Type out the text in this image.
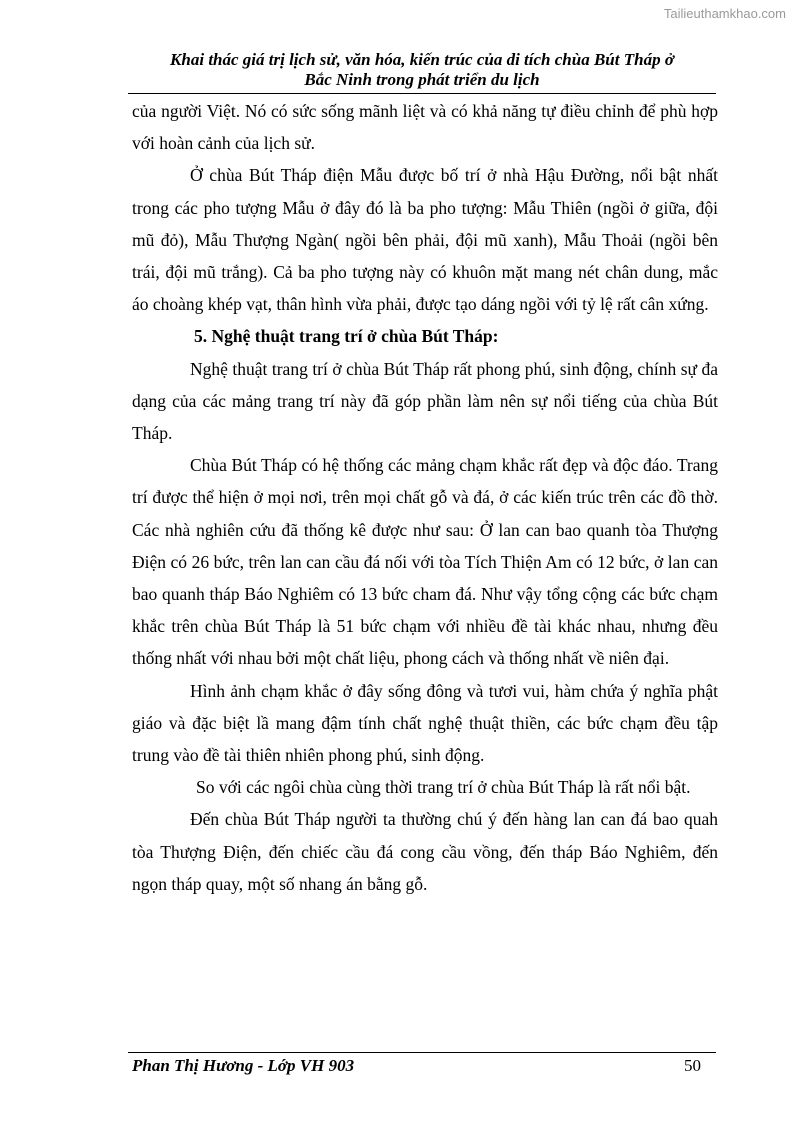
Tailieuthamkhao.com
Khai thác giá trị lịch sử, văn hóa, kiến trúc của di tích chùa Bút Tháp ở
Bắc Ninh trong phát triển du lịch

của người Việt. Nó có sức sống mãnh liệt và có khả năng tự điều chỉnh để phù hợp với hoàn cảnh của lịch sử.

Ở chùa Bút Tháp điện Mẫu được bố trí ở nhà Hậu Đường, nổi bật nhất trong các pho tượng Mẫu ở đây đó là ba pho tượng: Mẫu Thiên (ngồi ở giữa, đội mũ đỏ), Mẫu Thượng Ngàn( ngồi bên phải, đội mũ xanh), Mẫu Thoải (ngồi bên trái, đội mũ trắng). Cả ba pho tượng này có khuôn mặt mang nét chân dung, mắc áo choàng khép vạt, thân hình vừa phải, được tạo dáng ngồi với tỷ lệ rất cân xứng.

5. Nghệ thuật trang trí ở chùa Bút Tháp:

Nghệ thuật trang trí ở chùa Bút Tháp rất phong phú, sinh động, chính sự đa dạng của các mảng trang trí này đã góp phần làm nên sự nổi tiếng của chùa Bút Tháp.

Chùa Bút Tháp có hệ thống các mảng chạm khắc rất đẹp và độc đáo. Trang trí được thể hiện ở mọi nơi, trên mọi chất gỗ và đá, ở các kiến trúc trên các đồ thờ. Các nhà nghiên cứu đã thống kê được như sau: Ở lan can bao quanh tòa Thượng Điện có 26 bức, trên lan can cầu đá nối với tòa Tích Thiện Am có 12 bức, ở lan can bao quanh tháp Báo Nghiêm có 13 bức cham đá. Như vậy tổng cộng các bức chạm khắc trên chùa Bút Tháp là 51 bức chạm với nhiều đề tài khác nhau, nhưng đều thống nhất với nhau bởi một chất liệu, phong cách và thống nhất về niên đại.

Hình ảnh chạm khắc ở đây sống đông và tươi vui, hàm chứa ý nghĩa phật giáo và đặc biệt lầ mang đậm tính chất nghệ thuật thiền, các bức chạm đều tập trung vào đề tài thiên nhiên phong phú, sinh động.

So với các ngôi chùa cùng thời trang trí ở chùa Bút Tháp là rất nổi bật.

Đến chùa Bút Tháp người ta thường chú ý đến hàng lan can đá bao quah tòa Thượng Điện, đến chiếc cầu đá cong cầu vồng, đến tháp Báo Nghiêm, đến ngọn tháp quay, một số nhang án bằng gỗ.

Phan Thị Hương - Lớp VH 903	50
